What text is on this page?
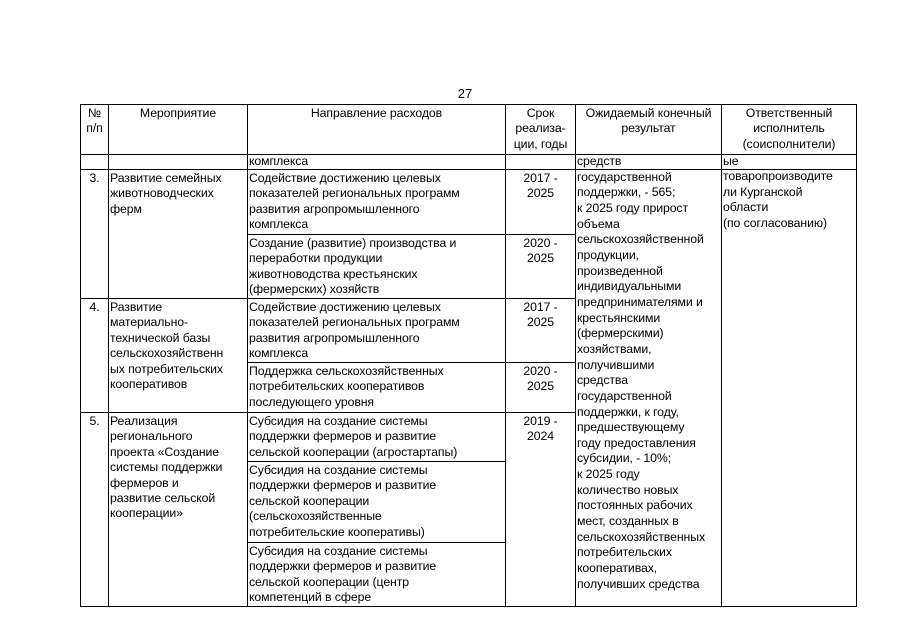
27
№
п/п
Мероприятие	Направление расходов	Срок
реализа-
ции, годы
Ожидаемый конечный
результат
Ответственный
исполнитель
(соисполнители)
комплекса
3. Развитие семейных
животноводческих
ферм
Содействие достижению целевых
показателей региональных программ
развития агропромышленного
комплекса
2017 -
2025
Создание (развитие) производства и
переработки продукции
животноводства крестьянских
(фермерских) хозяйств
2020 -
2025
4. Развитие
материально-
технической базы
сельскохозяйственн
ых потребительских
кооперативов
Содействие достижению целевых
показателей региональных программ
развития агропромышленного
комплекса
2017 -
2025
Поддержка сельскохозяйственных
потребительских кооперативов
последующего уровня
2020 -
2025
5. Реализация
регионального
проекта «Создание
системы поддержки
фермеров и
развитие сельской
кооперации»
2019 -
2024
Субсидия на создание системы
поддержки фермеров и развитие
сельской кооперации (агростартапы)
Субсидия на создание системы
поддержки фермеров и развитие
сельской кооперации
(сельскохозяйственные
потребительские кооперативы)
Субсидия на создание системы
поддержки фермеров и развитие
сельской кооперации (центр
компетенций в сфере
средств
государственной
поддержки, - 565;
к 2025 году прирост
объема
сельскохозяйственной
продукции,
произведенной
индивидуальными
предпринимателями и
крестьянскими
(фермерскими)
хозяйствами,
получившими
средства
государственной
поддержки, к году,
предшествующему
году предоставления
субсидии, - 10%;
к 2025 году
количество новых
постоянных рабочих
мест, созданных в
сельскохозяйственных
потребительских
кооперативах,
получивших средства
ые
товаропроизводите
ли Курганской
области
(по согласованию)
